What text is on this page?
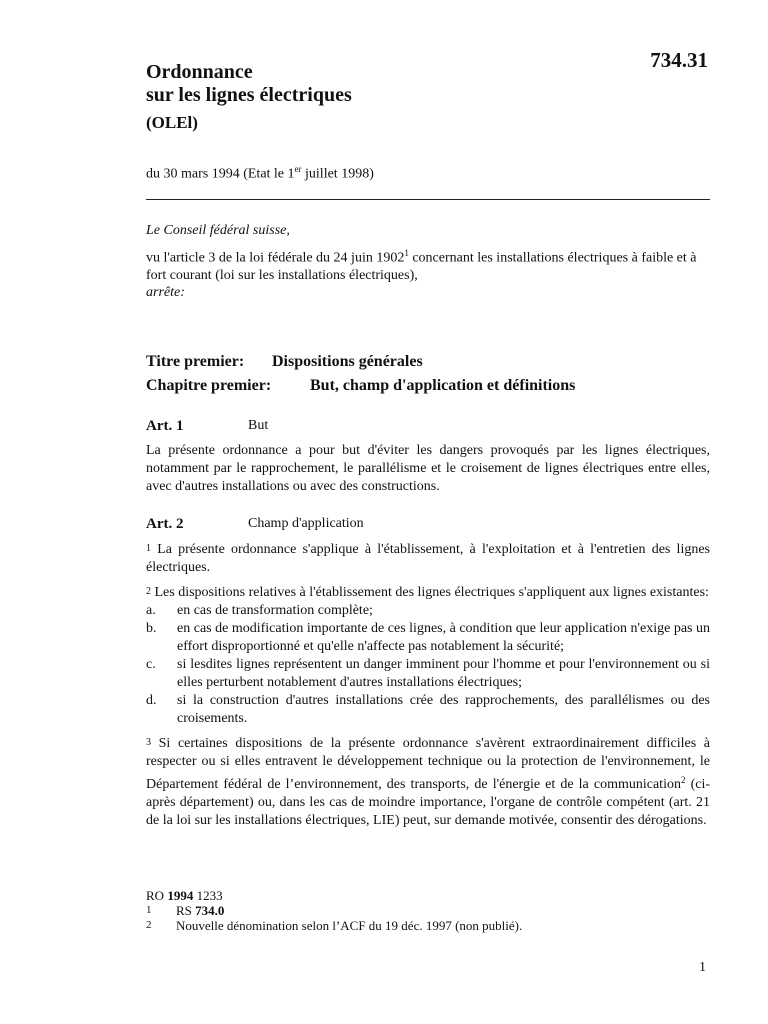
734.31
Ordonnance
sur les lignes électriques
(OLEl)
du 30 mars 1994 (Etat le 1er juillet 1998)
Le Conseil fédéral suisse,
vu l'article 3 de la loi fédérale du 24 juin 1902$^1$ concernant les installations électriques à faible et à fort courant (loi sur les installations électriques),
arrête:
Titre premier: Dispositions générales
Chapitre premier: But, champ d'application et définitions
Art. 1	But
La présente ordonnance a pour but d'éviter les dangers provoqués par les lignes électriques, notamment par le rapprochement, le parallélisme et le croisement de lignes électriques entre elles, avec d'autres installations ou avec des constructions.
Art. 2	Champ d'application
1 La présente ordonnance s'applique à l'établissement, à l'exploitation et à l'entretien des lignes électriques.
2 Les dispositions relatives à l'établissement des lignes électriques s'appliquent aux lignes existantes:
a.	en cas de transformation complète;
b.	en cas de modification importante de ces lignes, à condition que leur application n'exige pas un effort disproportionné et qu'elle n'affecte pas notablement la sécurité;
c.	si lesdites lignes représentent un danger imminent pour l'homme et pour l'environnement ou si elles perturbent notablement d'autres installations électriques;
d.	si la construction d'autres installations crée des rapprochements, des parallélismes ou des croisements.
3 Si certaines dispositions de la présente ordonnance s'avèrent extraordinairement difficiles à respecter ou si elles entravent le développement technique ou la protection de l'environnement, le Département fédéral de l’environnement, des transports, de l'énergie et de la communication$^2$ (ci-après département) ou, dans les cas de moindre importance, l'organe de contrôle compétent (art. 21 de la loi sur les installations électriques, LIE) peut, sur demande motivée, consentir des dérogations.
RO 1994 1233
1	RS 734.0
2	Nouvelle dénomination selon l’ACF du 19 déc. 1997 (non publié).
1
